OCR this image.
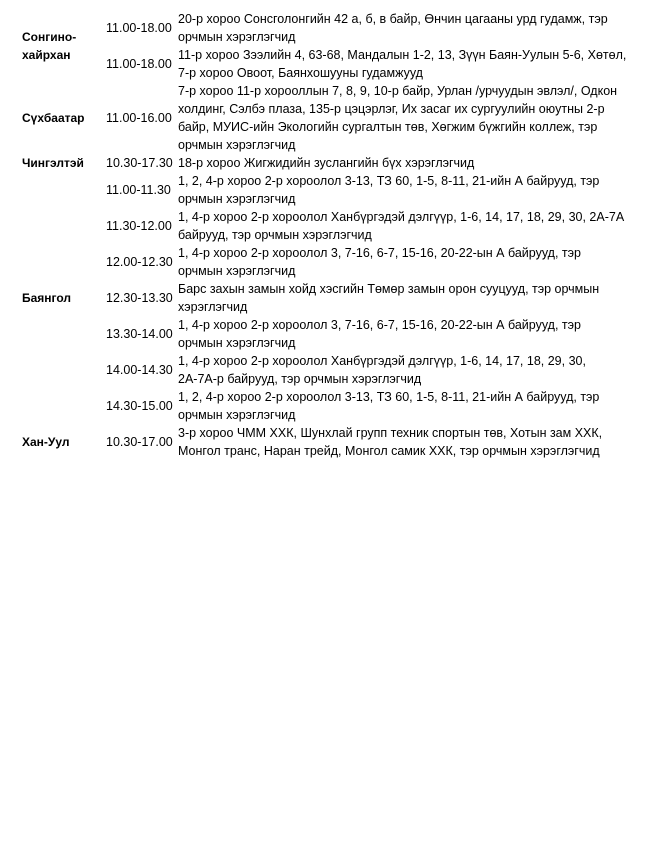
Сонгино-хайрхан	11.00-18.00	20-р хороо Сонсголонгийн 42 а, б, в байр, Өнчин цагааны урд гудамж, тэр орчмын хэрэглэгчид
	11.00-18.00	11-р хороо Зээлийн 4, 63-68, Мандалын 1-2, 13, Зүүн Баян-Уулын 5-6, Хөтөл, 7-р хороо Овоот, Баянхошууны гудамжууд
Сүхбаатар	11.00-16.00	7-р хороо 11-р хорооллын 7, 8, 9, 10-р байр, Урлан /урчуудын эвлэл/, Одкон холдинг, Сэлбэ плаза, 135-р цэцэрлэг, Их засаг их сургуулийн оюутны 2-р байр, МУИС-ийн Экологийн сургалтын төв, Хөгжим бүжгийн коллеж, тэр орчмын хэрэглэгчид
Чингэлтэй	10.30-17.30	18-р хороо Жигжидийн зуслангийн бүх хэрэглэгчид
Баянгол	11.00-11.30	1, 2, 4-р хороо 2-р хороолол 3-13, ТЗ 60, 1-5, 8-11, 21-ийн А байрууд, тэр орчмын хэрэглэгчид
	11.30-12.00	1, 4-р хороо 2-р хороолол Ханбүргэдэй дэлгүүр, 1-6, 14, 17, 18, 29, 30, 2А-7А байрууд, тэр орчмын хэрэглэгчид
	12.00-12.30	1, 4-р хороо 2-р хороолол 3, 7-16, 6-7, 15-16, 20-22-ын А байрууд, тэр орчмын хэрэглэгчид
	12.30-13.30	Барс захын замын хойд хэсгийн Төмөр замын орон сууцууд, тэр орчмын хэрэглэгчид
	13.30-14.00	1, 4-р хороо 2-р хороолол 3, 7-16, 6-7, 15-16, 20-22-ын А байрууд, тэр орчмын хэрэглэгчид
	14.00-14.30	1, 4-р хороо 2-р хороолол Ханбүргэдэй дэлгүүр, 1-6, 14, 17, 18, 29, 30, 2А-7А-р байрууд, тэр орчмын хэрэглэгчид
	14.30-15.00	1, 2, 4-р хороо 2-р хороолол 3-13, ТЗ 60, 1-5, 8-11, 21-ийн А байрууд, тэр орчмын хэрэглэгчид
Хан-Уул	10.30-17.00	3-р хороо ЧММ ХХК, Шунхлай групп техник спортын төв, Хотын зам ХХК, Монгол транс, Наран трейд, Монгол самик ХХК, тэр орчмын хэрэглэгчид
